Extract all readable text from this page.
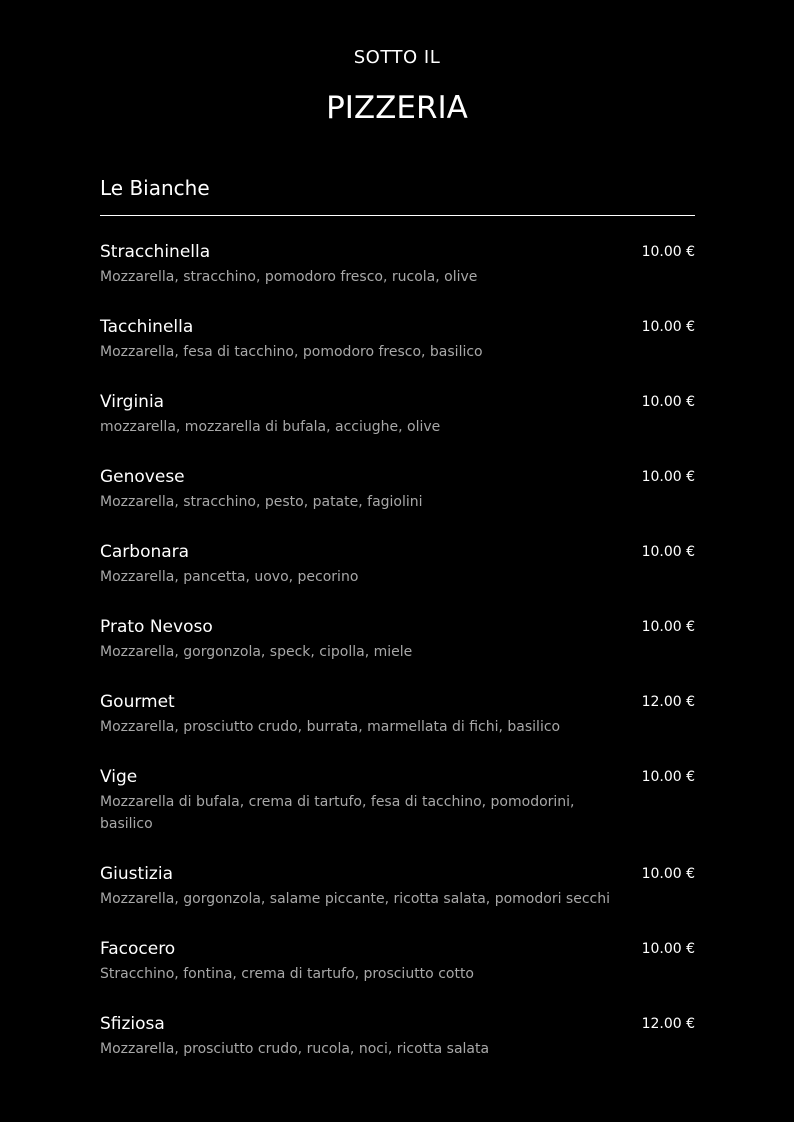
SOTTO IL
PIZZERIA
Le Bianche
Stracchinella	10.00 €
Mozzarella, stracchino, pomodoro fresco, rucola, olive
Tacchinella	10.00 €
Mozzarella, fesa di tacchino, pomodoro fresco, basilico
Virginia	10.00 €
mozzarella, mozzarella di bufala, acciughe, olive
Genovese	10.00 €
Mozzarella, stracchino, pesto, patate, fagiolini
Carbonara	10.00 €
Mozzarella, pancetta, uovo, pecorino
Prato Nevoso	10.00 €
Mozzarella, gorgonzola, speck, cipolla, miele
Gourmet	12.00 €
Mozzarella, prosciutto crudo, burrata, marmellata di fichi, basilico
Vige	10.00 €
Mozzarella di bufala, crema di tartufo, fesa di tacchino, pomodorini, basilico
Giustizia	10.00 €
Mozzarella, gorgonzola, salame piccante, ricotta salata, pomodori secchi
Facocero	10.00 €
Stracchino, fontina, crema di tartufo, prosciutto cotto
Sfiziosa	12.00 €
Mozzarella, prosciutto crudo, rucola, noci, ricotta salata
